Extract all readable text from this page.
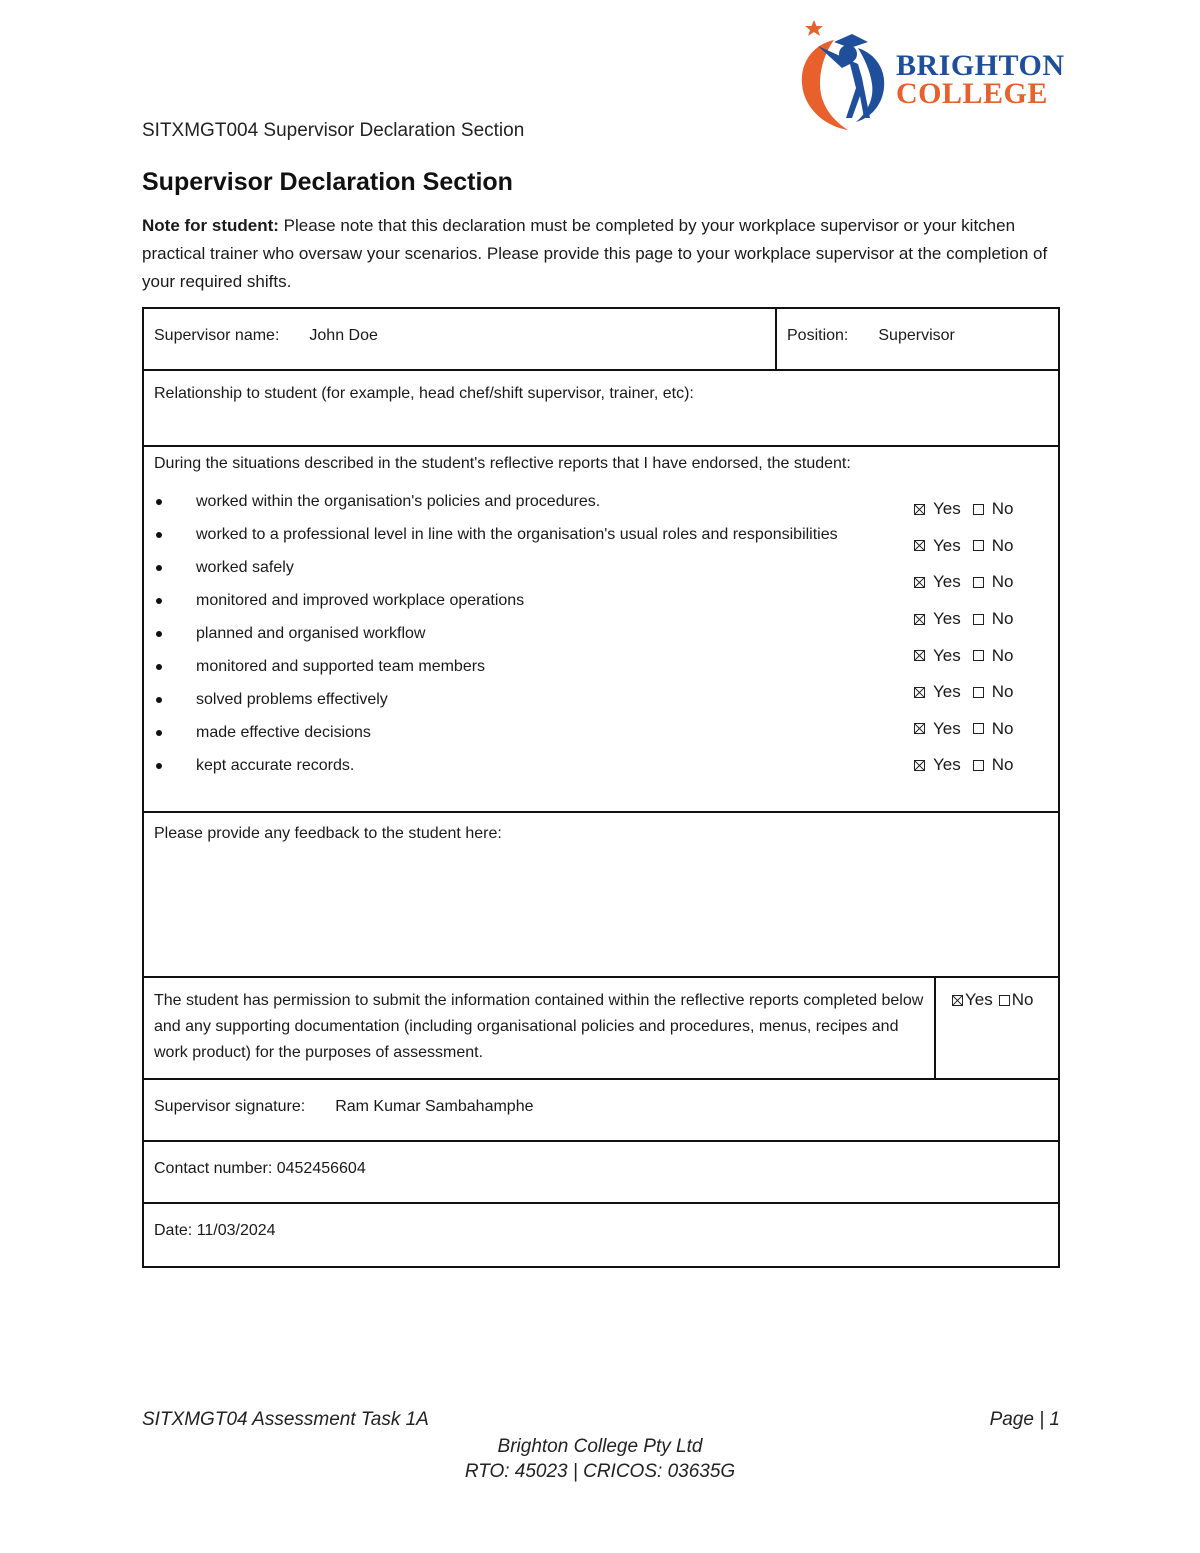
BRIGHTON
COLLEGE
SITXMGT004 Supervisor Declaration Section
Supervisor Declaration Section

Note for student: Please note that this declaration must be completed by your workplace supervisor or your kitchen practical trainer who oversaw your scenarios. Please provide this page to your workplace supervisor at the completion of your required shifts.

Supervisor name: John Doe	Position: Supervisor
Relationship to student (for example, head chef/shift supervisor, trainer, etc):
During the situations described in the student's reflective reports that I have endorsed, the student:
worked within the organisation's policies and procedures.
worked to a professional level in line with the organisation's usual roles and responsibilities
worked safely
monitored and improved workplace operations
planned and organised workflow
monitored and supported team members
solved problems effectively
made effective decisions
kept accurate records.
Yes No
Yes No
Yes No
Yes No
Yes No
Yes No
Yes No
Yes No
Please provide any feedback to the student here:
The student has permission to submit the information contained within the reflective reports completed below and any supporting documentation (including organisational policies and procedures, menus, recipes and work product) for the purposes of assessment.
Yes No
Supervisor signature: Ram Kumar Sambahamphe
Contact number: 0452456604
Date: 11/03/2024
SITXMGT04 Assessment Task 1A	Page | 1
Brighton College Pty Ltd
RTO: 45023 | CRICOS: 03635G
